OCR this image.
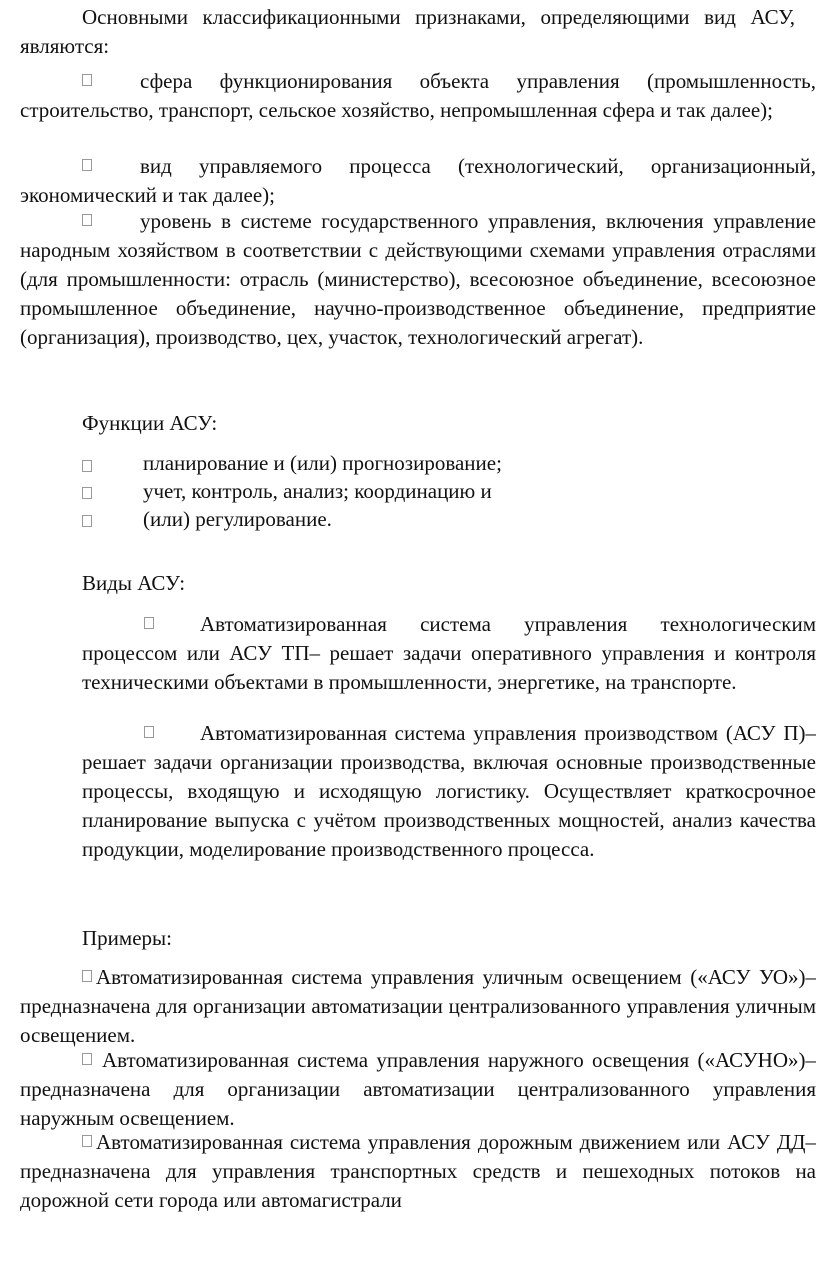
Основными классификационными признаками, определяющими вид АСУ, являются:

сфера функционирования объекта управления (промышленность, строительство, транспорт, сельское хозяйство, непромышленная сфера и так далее);

вид управляемого процесса (технологический, организационный, экономический и так далее);

уровень в системе государственного управления, включения управление народным хозяйством в соответствии с действующими схемами управления отраслями (для промышленности: отрасль (министерство), всесоюзное объединение, всесоюзное промышленное объединение, научно-производственное объединение, предприятие (организация), производство, цех, участок, технологический агрегат).

Функции АСУ:
планирование и (или) прогнозирование;
учет, контроль, анализ; координацию и
(или) регулирование.
Виды АСУ:

Автоматизированная система управления технологическим процессом или АСУ ТП– решает задачи оперативного управления и контроля техническими объектами в промышленности, энергетике, на транспорте.

Автоматизированная система управления производством (АСУ П)– решает задачи организации производства, включая основные производственные процессы, входящую и исходящую логистику. Осуществляет краткосрочное планирование выпуска с учётом производственных мощностей, анализ качества продукции, моделирование производственного процесса.

Примеры:

Автоматизированная система управления уличным освещением («АСУ УО»)– предназначена для организации автоматизации централизованного управления уличным освещением.

Автоматизированная система управления наружного освещения («АСУНО»)– предназначена для организации автоматизации централизованного управления наружным освещением.

Автоматизированная система управления дорожным движением или АСУ ДД– предназначена для управления транспортных средств и пешеходных потоков на дорожной сети города или автомагистрали
